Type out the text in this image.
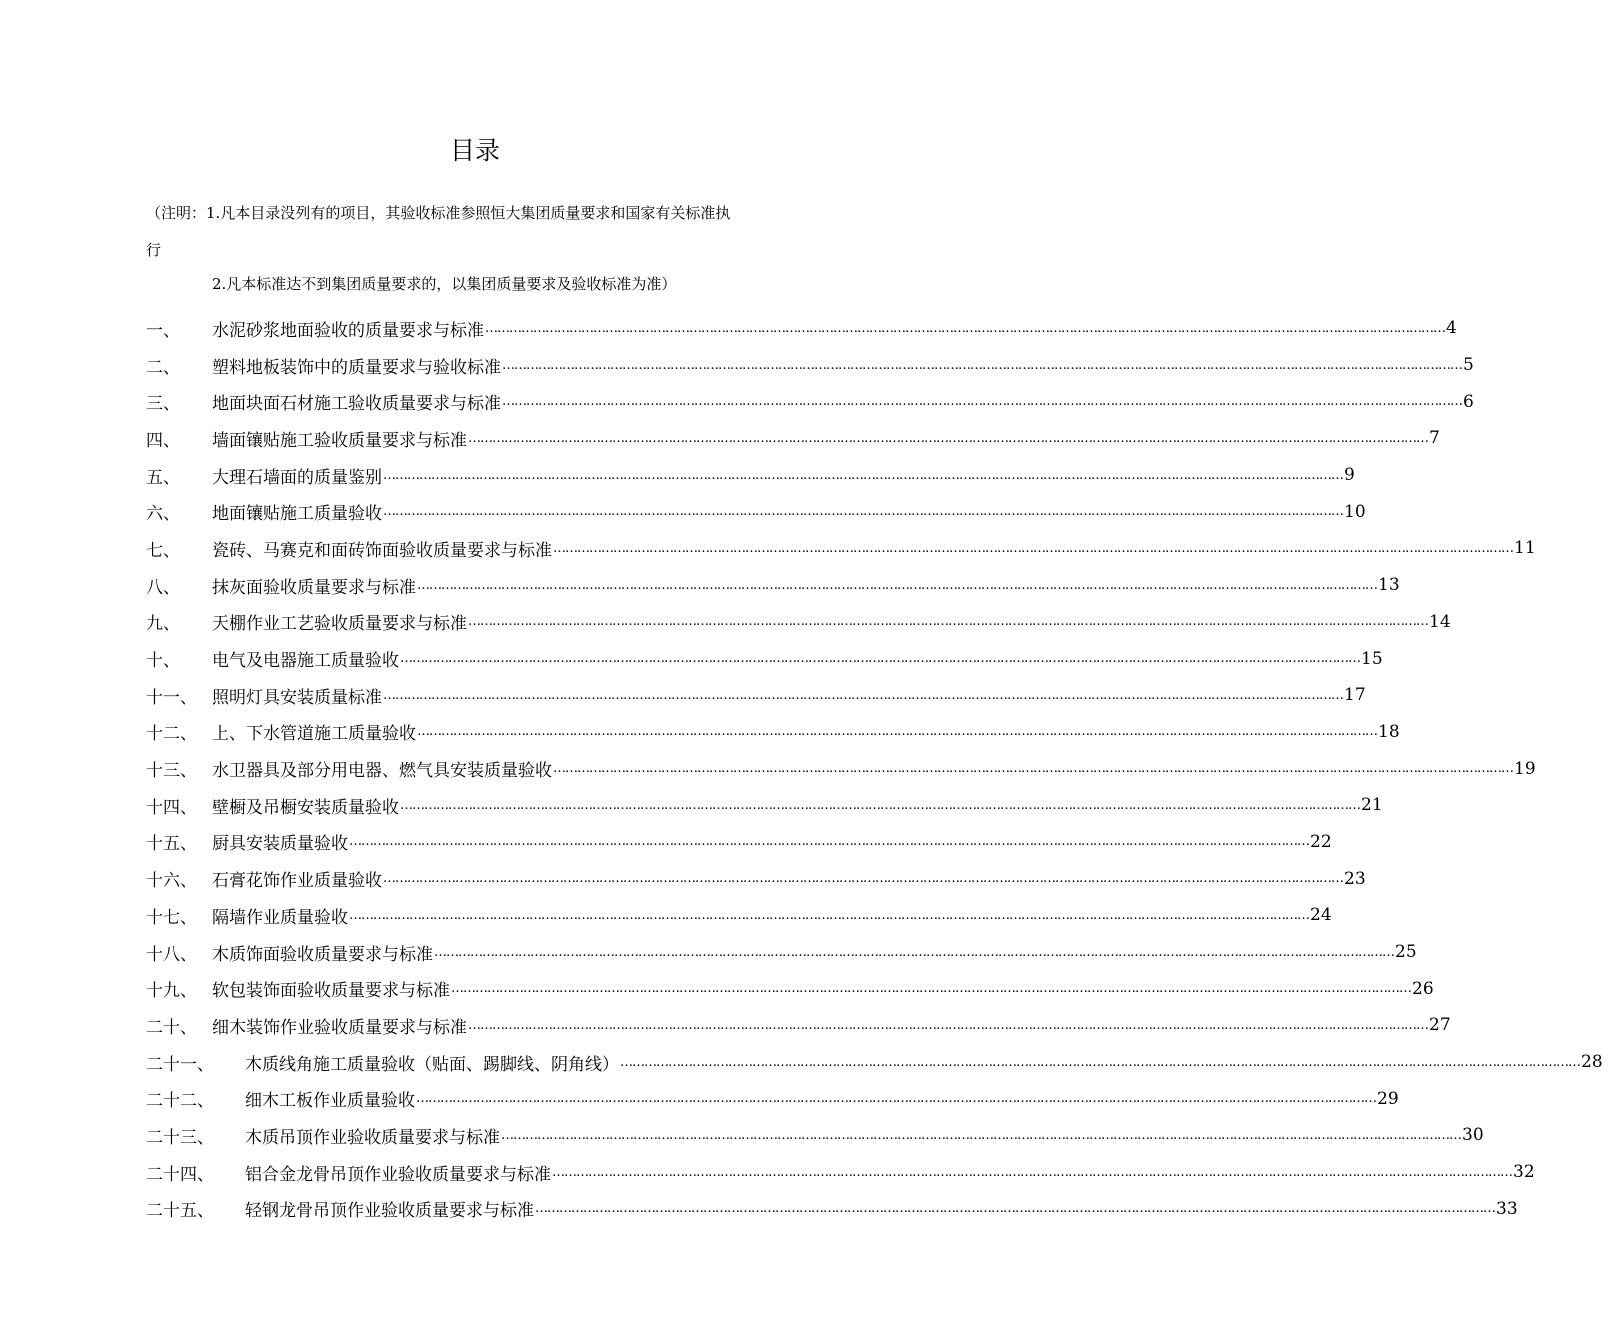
目录
（注明：1.凡本目录没列有的项目，其验收标准参照恒大集团质量要求和国家有关标准执
行
2.凡本标准达不到集团质量要求的，以集团质量要求及验收标准为准）
一、	水泥砂浆地面验收的质量要求与标准 …………………………………………………………………………………………………………………………………………………………………………………………………………………… 4
二、	塑料地板装饰中的质量要求与验收标准 …………………………………………………………………………………………………………………………………………………………………………………………………………………… 5
三、	地面块面石材施工验收质量要求与标准 …………………………………………………………………………………………………………………………………………………………………………………………………………………… 6
四、	墙面镶贴施工验收质量要求与标准 …………………………………………………………………………………………………………………………………………………………………………………………………………………… 7
五、	大理石墙面的质量鉴别 …………………………………………………………………………………………………………………………………………………………………………………………………………………… 9
六、	地面镶贴施工质量验收 …………………………………………………………………………………………………………………………………………………………………………………………………………………… 10
七、	瓷砖、马赛克和面砖饰面验收质量要求与标准 …………………………………………………………………………………………………………………………………………………………………………………………………………………… 11
八、	抹灰面验收质量要求与标准 …………………………………………………………………………………………………………………………………………………………………………………………………………………… 13
九、	天棚作业工艺验收质量要求与标准 …………………………………………………………………………………………………………………………………………………………………………………………………………………… 14
十、	电气及电器施工质量验收 …………………………………………………………………………………………………………………………………………………………………………………………………………………… 15
十一、 照明灯具安装质量标准 …………………………………………………………………………………………………………………………………………………………………………………………………………………… 17
十二、 上、下水管道施工质量验收 …………………………………………………………………………………………………………………………………………………………………………………………………………………… 18
十三、 水卫器具及部分用电器、燃气具安装质量验收 …………………………………………………………………………………………………………………………………………………………………………………………………………………… 19
十四、 壁橱及吊橱安装质量验收 …………………………………………………………………………………………………………………………………………………………………………………………………………………… 21
十五、 厨具安装质量验收 …………………………………………………………………………………………………………………………………………………………………………………………………………………… 22
十六、 石膏花饰作业质量验收 …………………………………………………………………………………………………………………………………………………………………………………………………………………… 23
十七、 隔墙作业质量验收 …………………………………………………………………………………………………………………………………………………………………………………………………………………… 24
十八、 木质饰面验收质量要求与标准 …………………………………………………………………………………………………………………………………………………………………………………………………………………… 25
十九、 软包装饰面验收质量要求与标准 …………………………………………………………………………………………………………………………………………………………………………………………………………………… 26
二十、 细木装饰作业验收质量要求与标准 …………………………………………………………………………………………………………………………………………………………………………………………………………………… 27
二十一、	木质线角施工质量验收（贴面、踢脚线、阴角线） …………………………………………………………………………………………………………………………………………………………………………………………………………………… 28
二十二、	细木工板作业质量验收 …………………………………………………………………………………………………………………………………………………………………………………………………………………… 29
二十三、	木质吊顶作业验收质量要求与标准 …………………………………………………………………………………………………………………………………………………………………………………………………………………… 30
二十四、	铝合金龙骨吊顶作业验收质量要求与标准 …………………………………………………………………………………………………………………………………………………………………………………………………………………… 32
二十五、	轻钢龙骨吊顶作业验收质量要求与标准 …………………………………………………………………………………………………………………………………………………………………………………………………………………… 33
